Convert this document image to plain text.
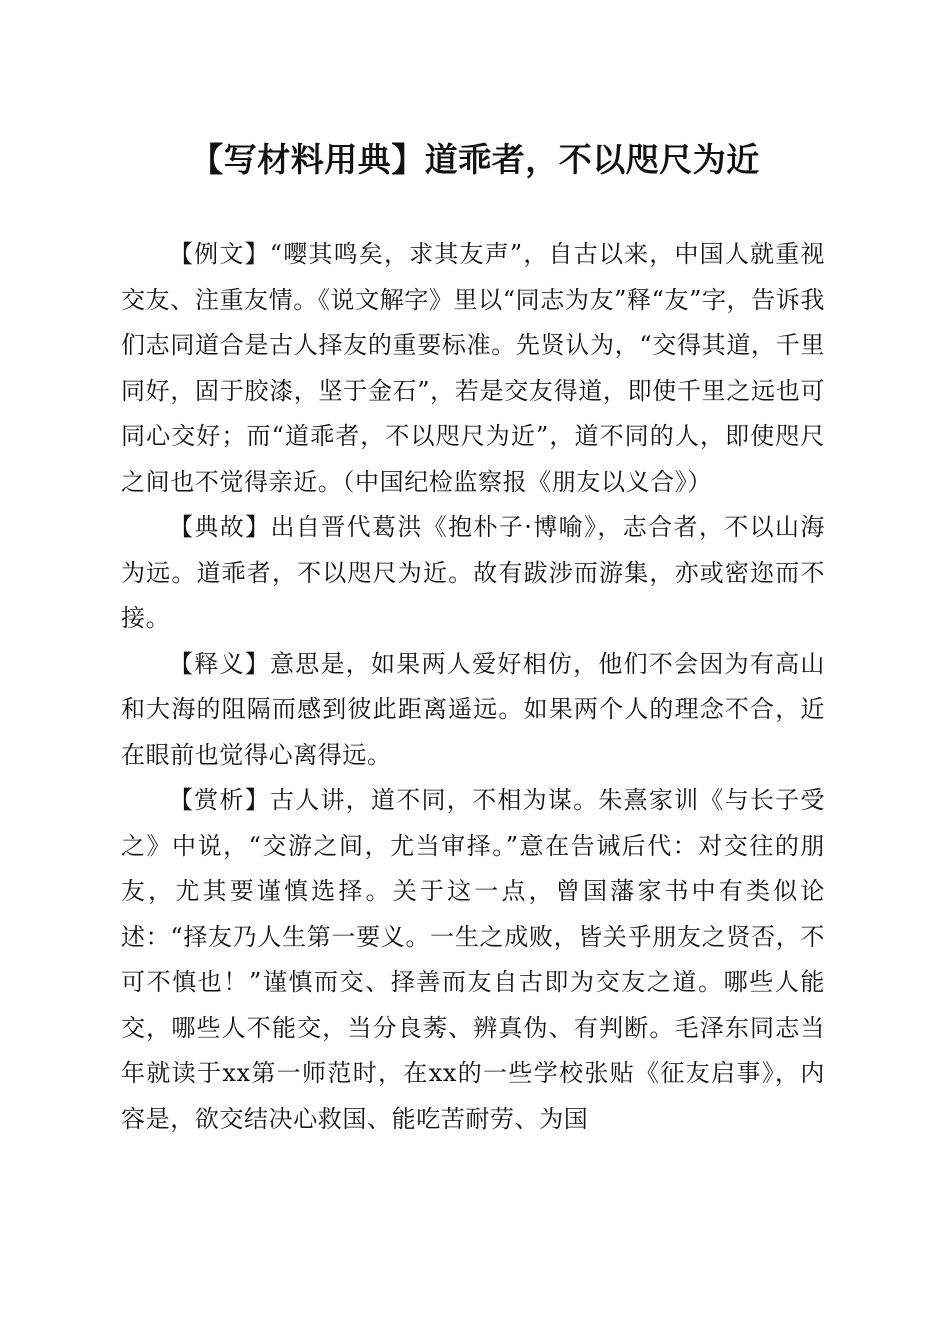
【写材料用典】道乖者，不以咫尺为近

【例文】“嘤其鸣矣，求其友声”，自古以来，中国人就重视交友、注重友情。《说文解字》里以“同志为友”释“友”字，告诉我们志同道合是古人择友的重要标准。先贤认为，“交得其道，千里同好，固于胶漆，坚于金石”，若是交友得道，即使千里之远也可同心交好；而“道乖者，不以咫尺为近”，道不同的人，即使咫尺之间也不觉得亲近。（中国纪检监察报《朋友以义合》）

【典故】出自晋代葛洪《抱朴子·博喻》，志合者，不以山海为远。道乖者，不以咫尺为近。故有跋涉而游集，亦或密迩而不接。

【释义】意思是，如果两人爱好相仿，他们不会因为有高山和大海的阻隔而感到彼此距离遥远。如果两个人的理念不合，近在眼前也觉得心离得远。

【赏析】古人讲，道不同，不相为谋。朱熹家训《与长子受之》中说，“交游之间，尤当审择。”意在告诫后代：对交往的朋友，尤其要谨慎选择。关于这一点，曾国藩家书中有类似论述：“择友乃人生第一要义。一生之成败，皆关乎朋友之贤否，不可不慎也！”谨慎而交、择善而友自古即为交友之道。哪些人能交，哪些人不能交，当分良莠、辨真伪、有判断。毛泽东同志当年就读于xx第一师范时，在xx的一些学校张贴《征友启事》，内容是，欲交结决心救国、能吃苦耐劳、为国
